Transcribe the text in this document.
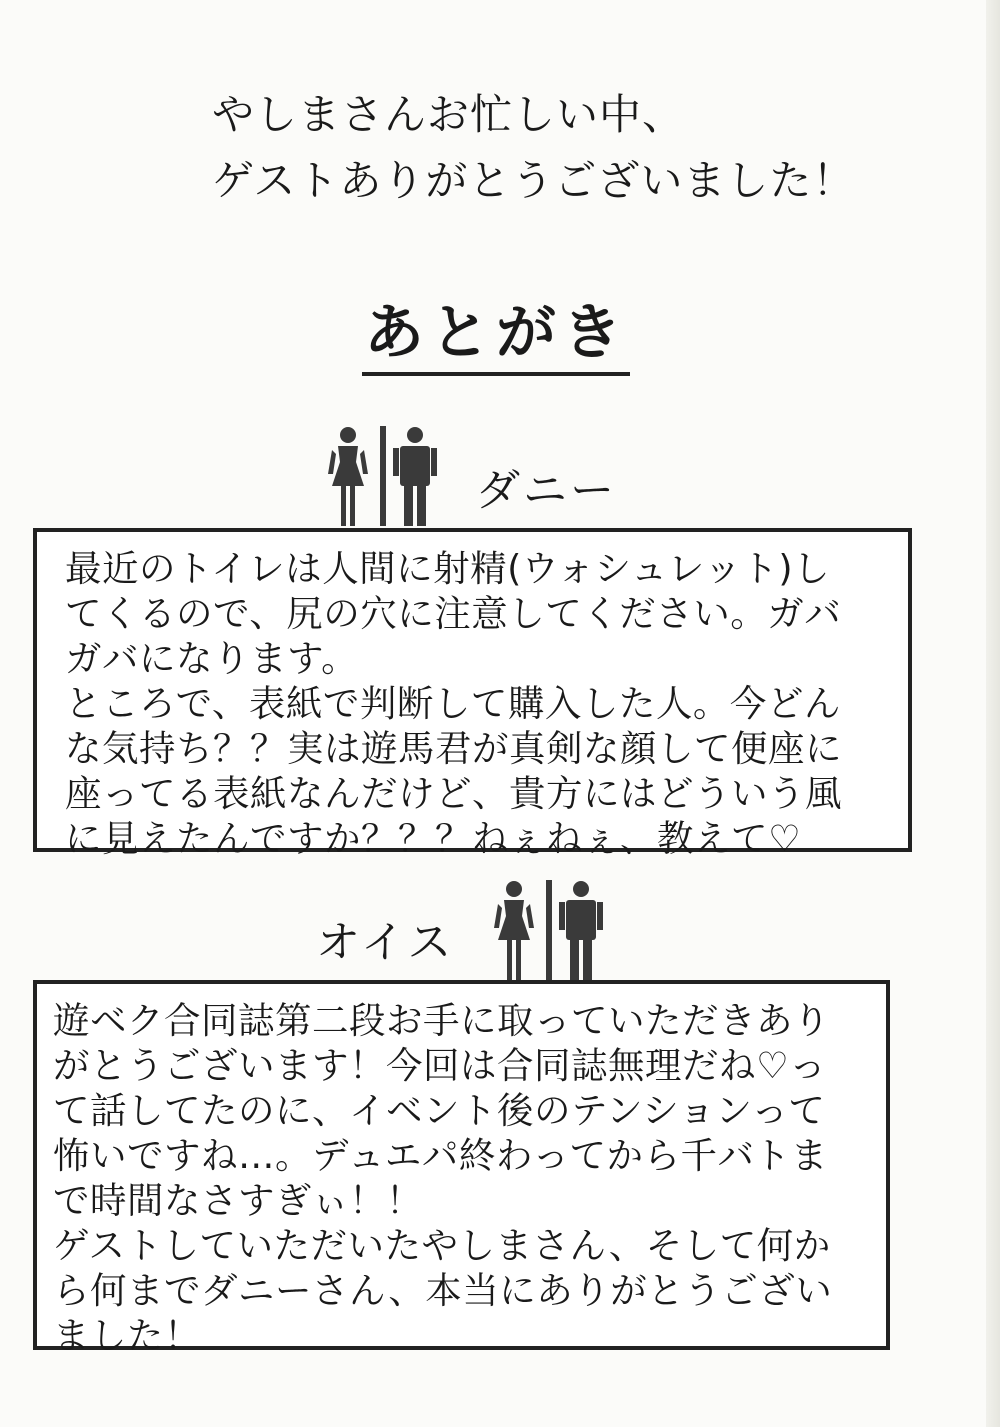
やしまさんお忙しい中、
ゲストありがとうございました！
あとがき
ダニー
最近のトイレは人間に射精(ウォシュレット)し
てくるので、尻の穴に注意してください。ガバ
ガバになります。
ところで、表紙で判断して購入した人。今どん
な気持ち？？実は遊馬君が真剣な顔して便座に
座ってる表紙なんだけど、貴方にはどういう風
に見えたんですか？？？ねぇねぇ、教えて♡
オイス
遊ベク合同誌第二段お手に取っていただきあり
がとうございます！今回は合同誌無理だね♡っ
て話してたのに、イベント後のテンションって
怖いですね…。デュエパ終わってから千バトま
で時間なさすぎぃ！！
ゲストしていただいたやしまさん、そして何か
ら何までダニーさん、本当にありがとうござい
ました！
